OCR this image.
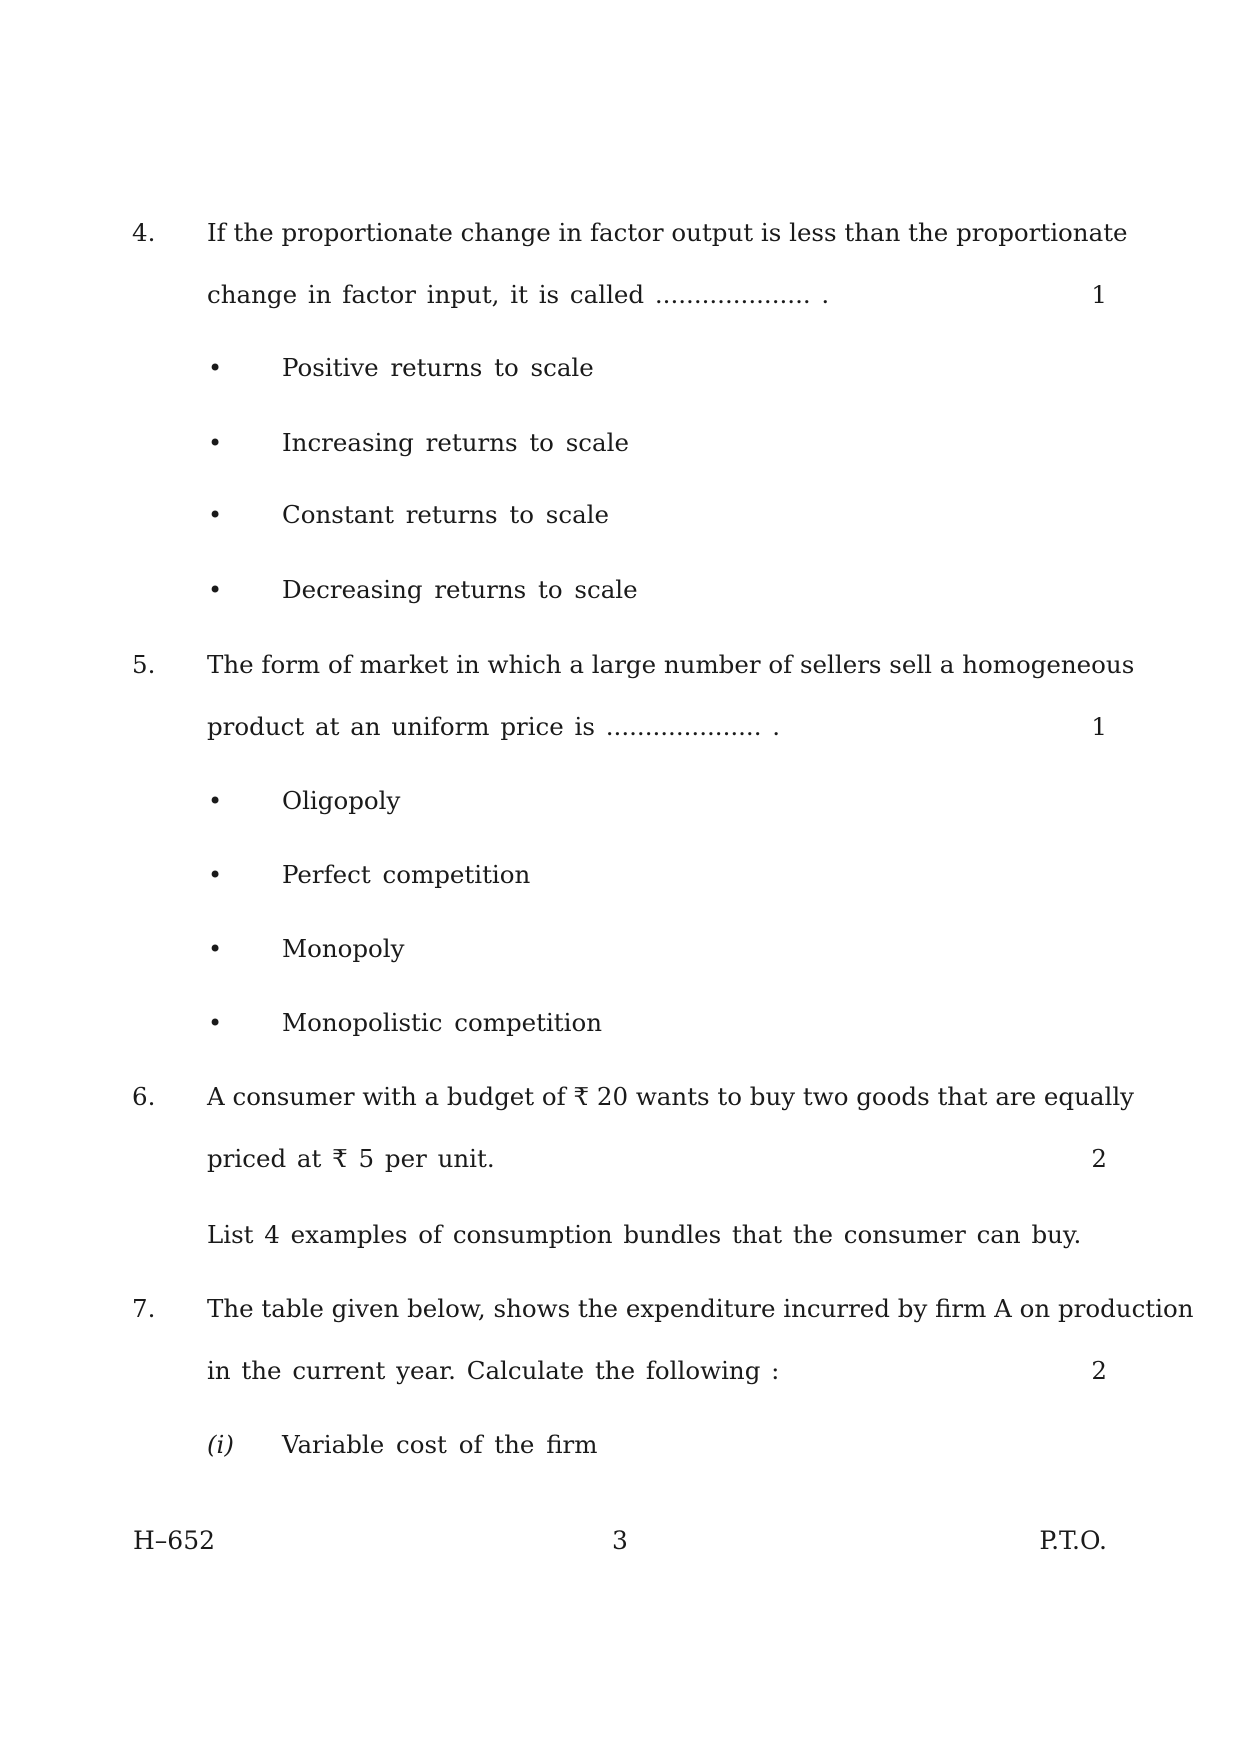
4. If the proportionate change in factor output is less than the proportionate
change in factor input, it is called .................... .	1
• Positive returns to scale
• Increasing returns to scale
• Constant returns to scale
• Decreasing returns to scale
5. The form of market in which a large number of sellers sell a homogeneous
product at an uniform price is .................... .	1
• Oligopoly
• Perfect competition
• Monopoly
• Monopolistic competition
6. A consumer with a budget of ₹ 20 wants to buy two goods that are equally
priced at ₹ 5 per unit.	2
List 4 examples of consumption bundles that the consumer can buy.
7. The table given below, shows the expenditure incurred by firm A on production
in the current year. Calculate the following :	2
(i) Variable cost of the firm
H–652	3	P.T.O.
